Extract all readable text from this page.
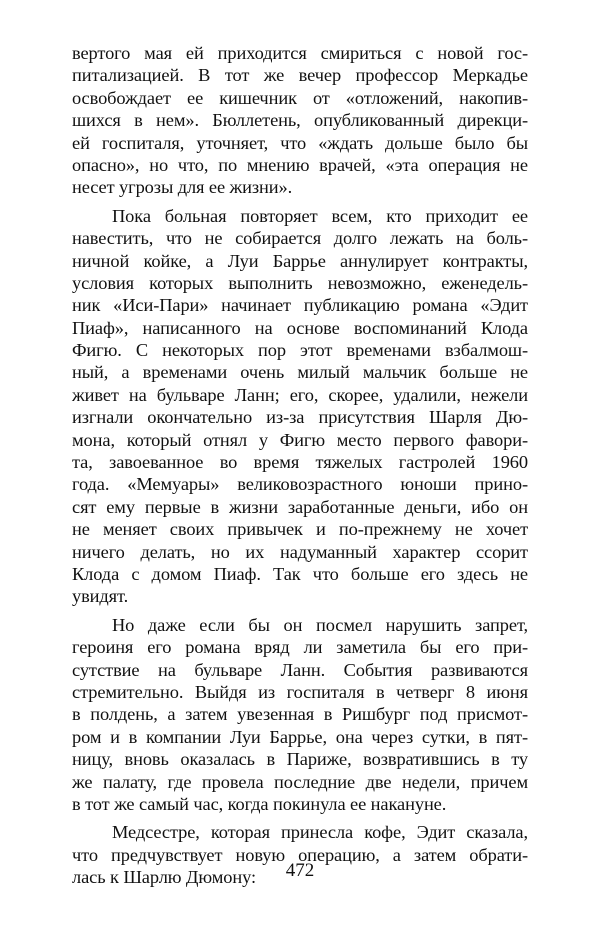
вертого мая ей приходится смириться с новой гос-
питализацией. В тот же вечер профессор Меркадье
освобождает ее кишечник от «отложений, накопив-
шихся в нем». Бюллетень, опубликованный дирекци-
ей госпиталя, уточняет, что «ждать дольше было бы
опасно», но что, по мнению врачей, «эта операция не
несет угрозы для ее жизни».
Пока больная повторяет всем, кто приходит ее
навестить, что не собирается долго лежать на боль-
ничной койке, а Луи Баррье аннулирует контракты,
условия которых выполнить невозможно, еженедель-
ник «Иси-Пари» начинает публикацию романа «Эдит
Пиаф», написанного на основе воспоминаний Клода
Фигю. С некоторых пор этот временами взбалмош-
ный, а временами очень милый мальчик больше не
живет на бульваре Ланн; его, скорее, удалили, нежели
изгнали окончательно из-за присутствия Шарля Дю-
мона, который отнял у Фигю место первого фавори-
та, завоеванное во время тяжелых гастролей 1960
года. «Мемуары» великовозрастного юноши прино-
сят ему первые в жизни заработанные деньги, ибо он
не меняет своих привычек и по-прежнему не хочет
ничего делать, но их надуманный характер ссорит
Клода с домом Пиаф. Так что больше его здесь не
увидят.
Но даже если бы он посмел нарушить запрет,
героиня его романа вряд ли заметила бы его при-
сутствие на бульваре Ланн. События развиваются
стремительно. Выйдя из госпиталя в четверг 8 июня
в полдень, а затем увезенная в Ришбург под присмот-
ром и в компании Луи Баррье, она через сутки, в пят-
ницу, вновь оказалась в Париже, возвратившись в ту
же палату, где провела последние две недели, причем
в тот же самый час, когда покинула ее накануне.
Медсестре, которая принесла кофе, Эдит сказала,
что предчувствует новую операцию, а затем обрати-
лась к Шарлю Дюмону:	472
